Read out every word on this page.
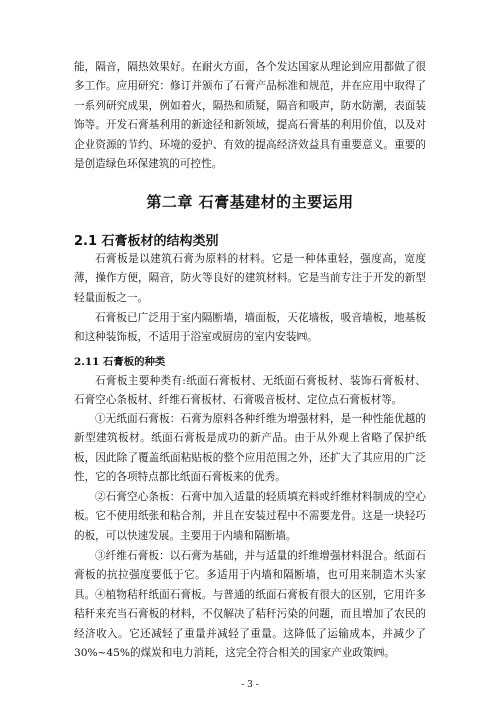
能，隔音，隔热效果好。在耐火方面，各个发达国家从理论到应用都做了很多工作。应用研究：修订并颁布了石膏产品标准和规范，并在应用中取得了一系列研究成果，例如着火，隔热和质疑，隔音和吸声，防水防潮，表面装饰等。开发石膏基利用的新途径和新领域，提高石膏基的利用价值，以及对企业资源的节约、环境的爱护、有效的提高经济效益具有重要意义。重要的是创造绿色环保建筑的可控性。

第二章 石膏基建材的主要运用
2.1 石膏板材的结构类别

石膏板是以建筑石膏为原料的材料。它是一种体重轻，强度高，宽度薄，操作方便，隔音，防火等良好的建筑材料。它是当前专注于开发的新型轻量面板之一。

石膏板已广泛用于室内隔断墙，墙面板，天花墙板，吸音墙板，地基板和这种装饰板，不适用于浴室或厨房的室内安装㈣。

2.11 石膏板的种类

石膏板主要种类有:纸面石膏板材、无纸面石膏板材、装饰石膏板材、石膏空心条板材、纤维石膏板材、石膏吸音板材、定位点石膏板材等。

①无纸面石膏板：石膏为原料各种纤维为增强材料，是一种性能优越的新型建筑板材。纸面石膏板是成功的新产品。由于从外观上省略了保护纸板，因此除了覆盖纸面粘贴板的整个应用范围之外，还扩大了其应用的广泛性，它的各项特点都比纸面石膏板来的优秀。

②石膏空心条板：石膏中加入适量的轻质填充料或纤维材料制成的空心板。它不使用纸张和粘合剂，并且在安装过程中不需要龙骨。这是一块轻巧的板，可以快速发展。主要用于内墙和隔断墙。

③纤维石膏板：以石膏为基础，并与适量的纤维增强材料混合。纸面石膏板的抗拉强度要低于它。多适用于内墙和隔断墙，也可用来制造木头家具。 ④植物秸秆纸面石膏板。与普通的纸面石膏板有很大的区别，它用许多秸秆来充当石膏板的材料，不仅解决了秸秆污染的问题，而且增加了农民的经济收入。它还减轻了重量并减轻了重量。这降低了运输成本，并减少了 30%~45%的煤炭和电力消耗，这完全符合相关的国家产业政策㈣。

- 3 -
